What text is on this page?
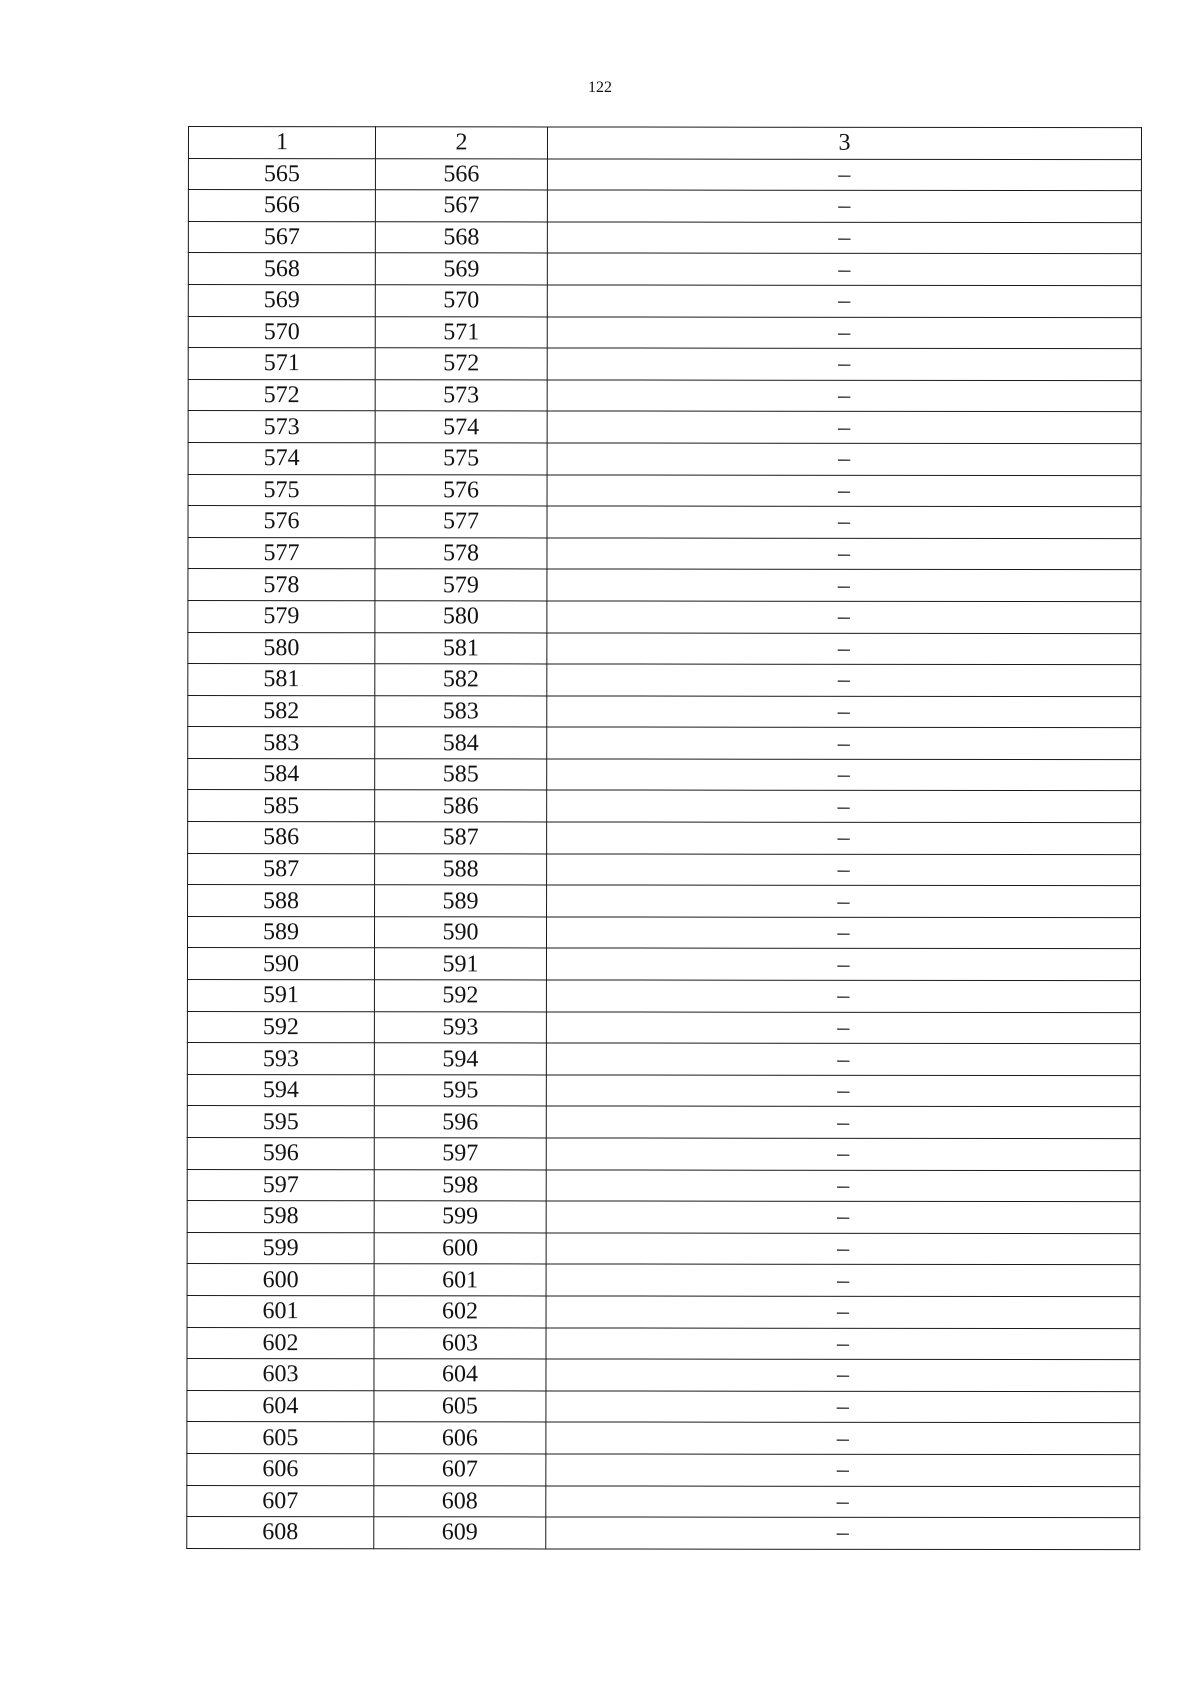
122
1	2	3
565	566	–
566	567	–
567	568	–
568	569	–
569	570	–
570	571	–
571	572	–
572	573	–
573	574	–
574	575	–
575	576	–
576	577	–
577	578	–
578	579	–
579	580	–
580	581	–
581	582	–
582	583	–
583	584	–
584	585	–
585	586	–
586	587	–
587	588	–
588	589	–
589	590	–
590	591	–
591	592	–
592	593	–
593	594	–
594	595	–
595	596	–
596	597	–
597	598	–
598	599	–
599	600	–
600	601	–
601	602	–
602	603	–
603	604	–
604	605	–
605	606	–
606	607	–
607	608	–
608	609	–
